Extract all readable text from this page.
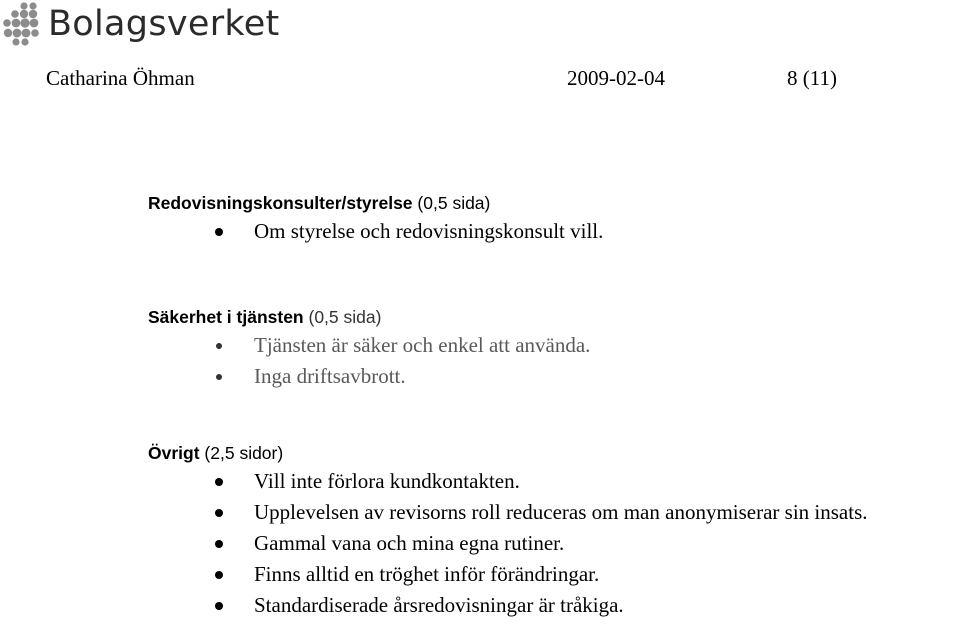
Bolagsverket
Catharina Öhman	2009-02-04	8 (11)
Redovisningskonsulter/styrelse (0,5 sida)
Om styrelse och redovisningskonsult vill.
Säkerhet i tjänsten (0,5 sida)
Tjänsten är säker och enkel att använda.
Inga driftsavbrott.
Övrigt (2,5 sidor)
Vill inte förlora kundkontakten.
Upplevelsen av revisorns roll reduceras om man anonymiserar sin insats.
Gammal vana och mina egna rutiner.
Finns alltid en tröghet inför förändringar.
Standardiserade årsredovisningar är tråkiga.
